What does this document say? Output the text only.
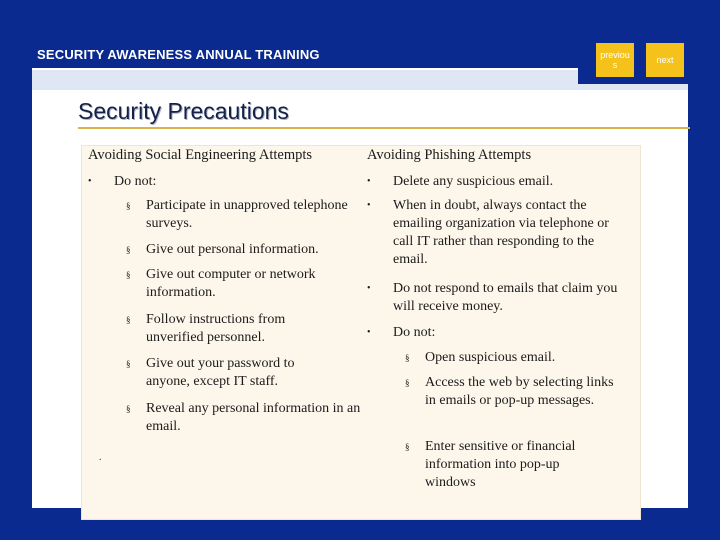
SECURITY AWARENESS ANNUAL TRAINING	previous	next
Security Precautions
Avoiding Social Engineering Attempts
•	Do not:
§	Participate in unapproved telephone surveys.
§	Give out personal information.
§	Give out computer or network information.
§	Follow instructions from unverified personnel.
§	Give out your password to anyone, except IT staff.
§	Reveal any personal information in an email.
.
Avoiding Phishing Attempts
•	Delete any suspicious email.
•	When in doubt, always contact the emailing organization via telephone or call IT rather than responding to the email.
•	Do not respond to emails that claim you will receive money.
•	Do not:
§	Open suspicious email.
§	Access the web by selecting links in emails or pop-up messages.
§	Enter sensitive or financial information into pop-up windows
